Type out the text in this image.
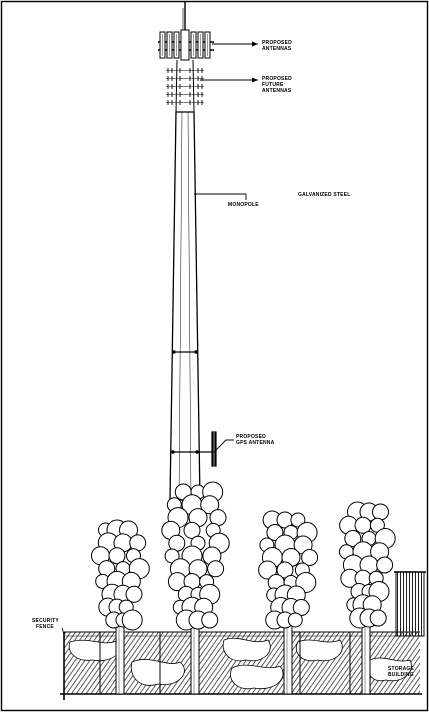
PROPOSED ANTENNAS
PROPOSED FUTURE ANTENNAS
GALVANIZED STEEL
MONOPOLE
PROPOSED GPS ANTENNA
SECURITY FENCE
STORAGE BUILDING
